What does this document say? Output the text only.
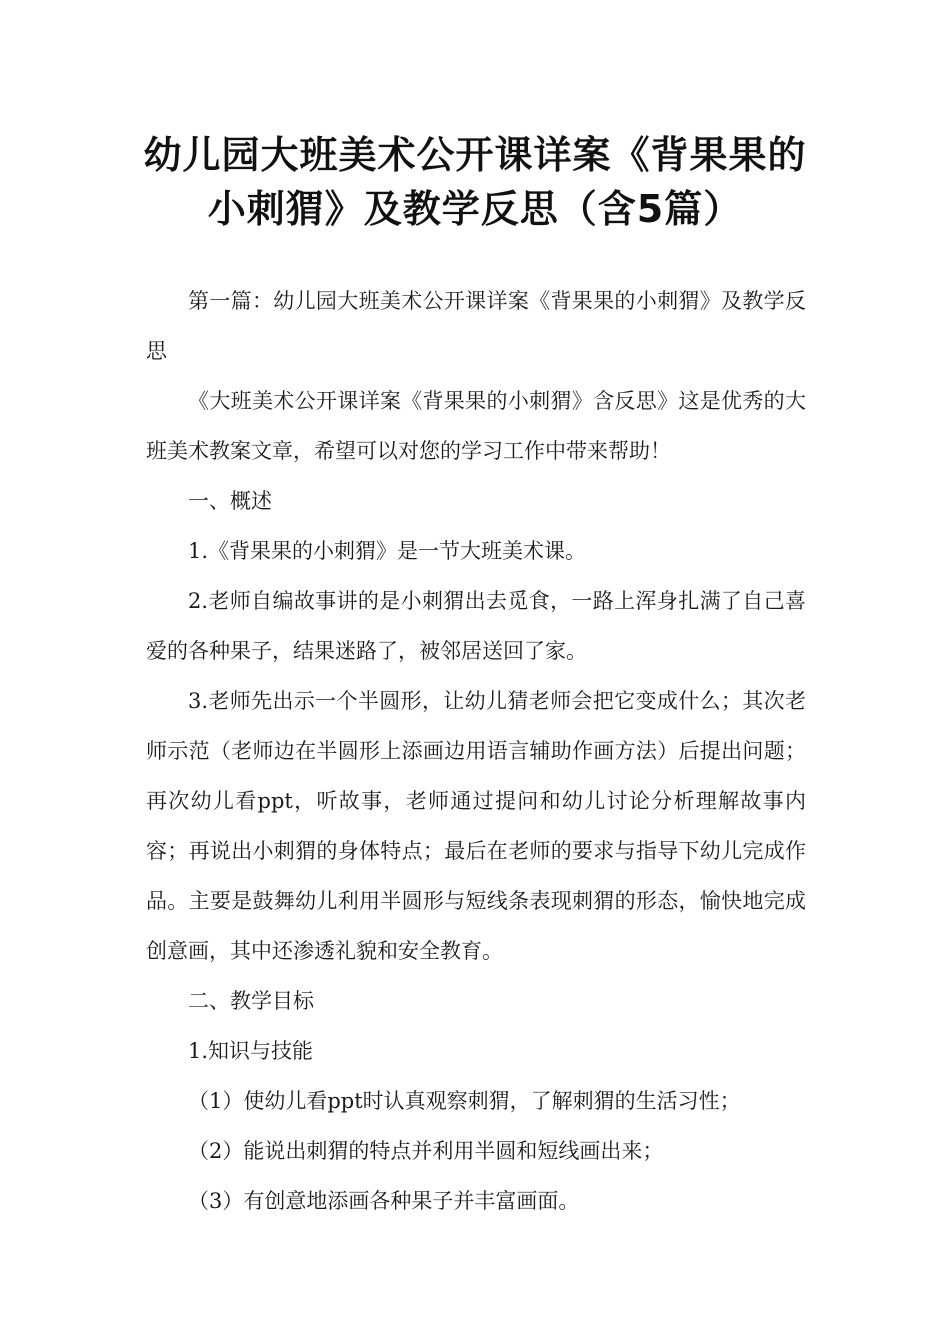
幼儿园大班美术公开课详案《背果果的
小刺猬》及教学反思（含5篇）

第一篇：幼儿园大班美术公开课详案《背果果的小刺猬》及教学反思

《大班美术公开课详案《背果果的小刺猬》含反思》这是优秀的大班美术教案文章，希望可以对您的学习工作中带来帮助！

一、概述

1.《背果果的小刺猬》是一节大班美术课。

2.老师自编故事讲的是小刺猬出去觅食，一路上浑身扎满了自己喜爱的各种果子，结果迷路了，被邻居送回了家。

3.老师先出示一个半圆形，让幼儿猜老师会把它变成什么；其次老师示范（老师边在半圆形上添画边用语言辅助作画方法）后提出问题；再次幼儿看ppt，听故事，老师通过提问和幼儿讨论分析理解故事内容；再说出小刺猬的身体特点；最后在老师的要求与指导下幼儿完成作品。主要是鼓舞幼儿利用半圆形与短线条表现刺猬的形态，愉快地完成创意画，其中还渗透礼貌和安全教育。

二、教学目标

1.知识与技能

（1）使幼儿看ppt时认真观察刺猬，了解刺猬的生活习性；

（2）能说出刺猬的特点并利用半圆和短线画出来；

（3）有创意地添画各种果子并丰富画面。
